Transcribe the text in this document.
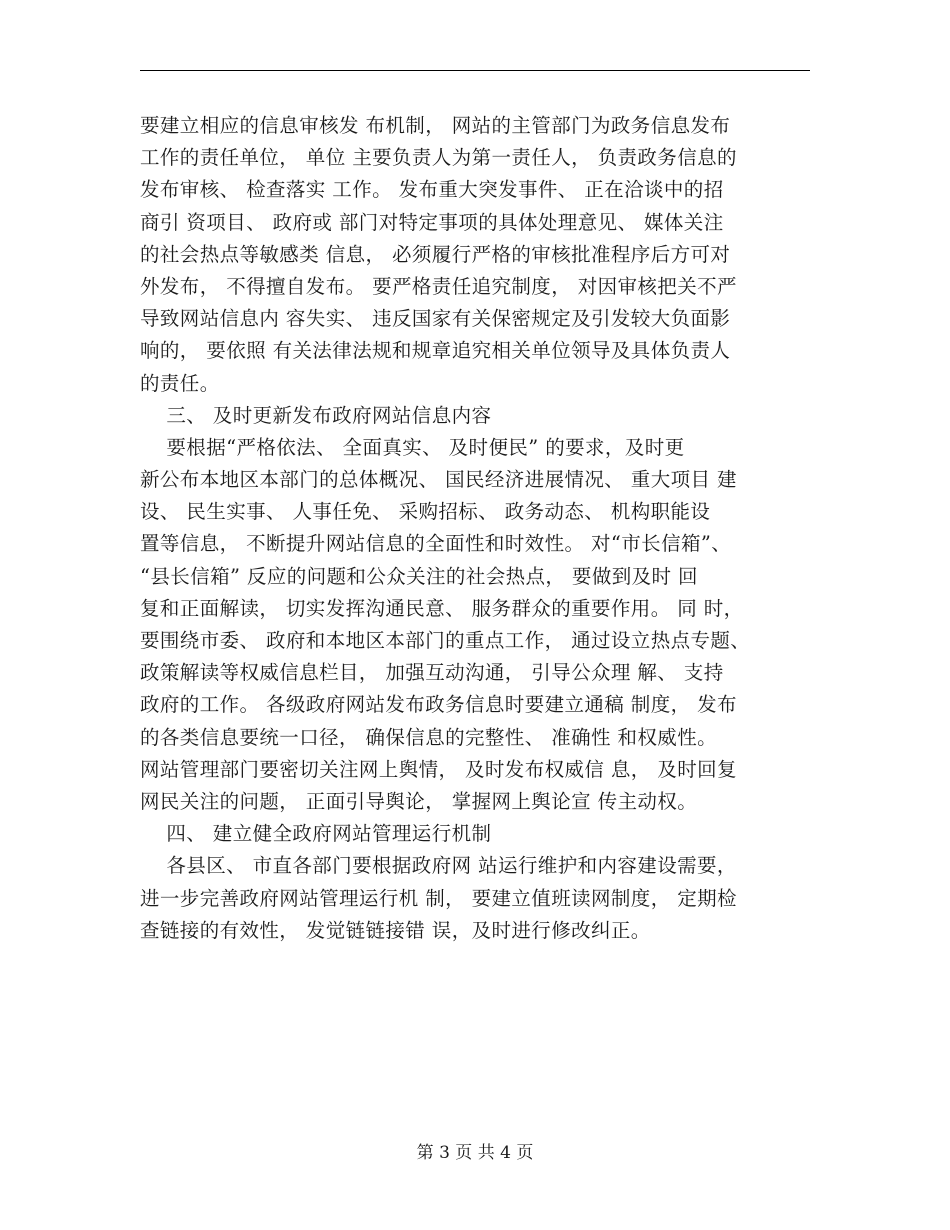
要建立相应的信息审核发 布机制， 网站的主管部门为政务信息发布
工作的责任单位， 单位 主要负责人为第一责任人， 负责政务信息的
发布审核、 检查落实 工作。 发布重大突发事件、 正在洽谈中的招
商引 资项目、 政府或 部门对特定事项的具体处理意见、 媒体关注
的社会热点等敏感类 信息， 必须履行严格的审核批准程序后方可对
外发布， 不得擅自发布。 要严格责任追究制度， 对因审核把关不严
导致网站信息内 容失实、 违反国家有关保密规定及引发较大负面影
响的， 要依照 有关法律法规和规章追究相关单位领导及具体负责人
的责任。
三、 及时更新发布政府网站信息内容
要根据“严格依法、 全面真实、 及时便民” 的要求，及时更
新公布本地区本部门的总体概况、 国民经济进展情况、 重大项目 建
设、 民生实事、 人事任免、 采购招标、 政务动态、 机构职能设
置等信息， 不断提升网站信息的全面性和时效性。 对“市长信箱”、
“县长信箱” 反应的问题和公众关注的社会热点， 要做到及时 回
复和正面解读， 切实发挥沟通民意、 服务群众的重要作用。 同 时，
要围绕市委、 政府和本地区本部门的重点工作， 通过设立热点专题、
政策解读等权威信息栏目， 加强互动沟通， 引导公众理 解、 支持
政府的工作。 各级政府网站发布政务信息时要建立通稿 制度， 发布
的各类信息要统一口径， 确保信息的完整性、 准确性 和权威性。
网站管理部门要密切关注网上舆情， 及时发布权威信 息， 及时回复
网民关注的问题， 正面引导舆论， 掌握网上舆论宣 传主动权。
四、 建立健全政府网站管理运行机制
各县区、 市直各部门要根据政府网 站运行维护和内容建设需要，
进一步完善政府网站管理运行机 制， 要建立值班读网制度， 定期检
查链接的有效性， 发觉链链接错 误，及时进行修改纠正。
第 3 页 共 4 页
